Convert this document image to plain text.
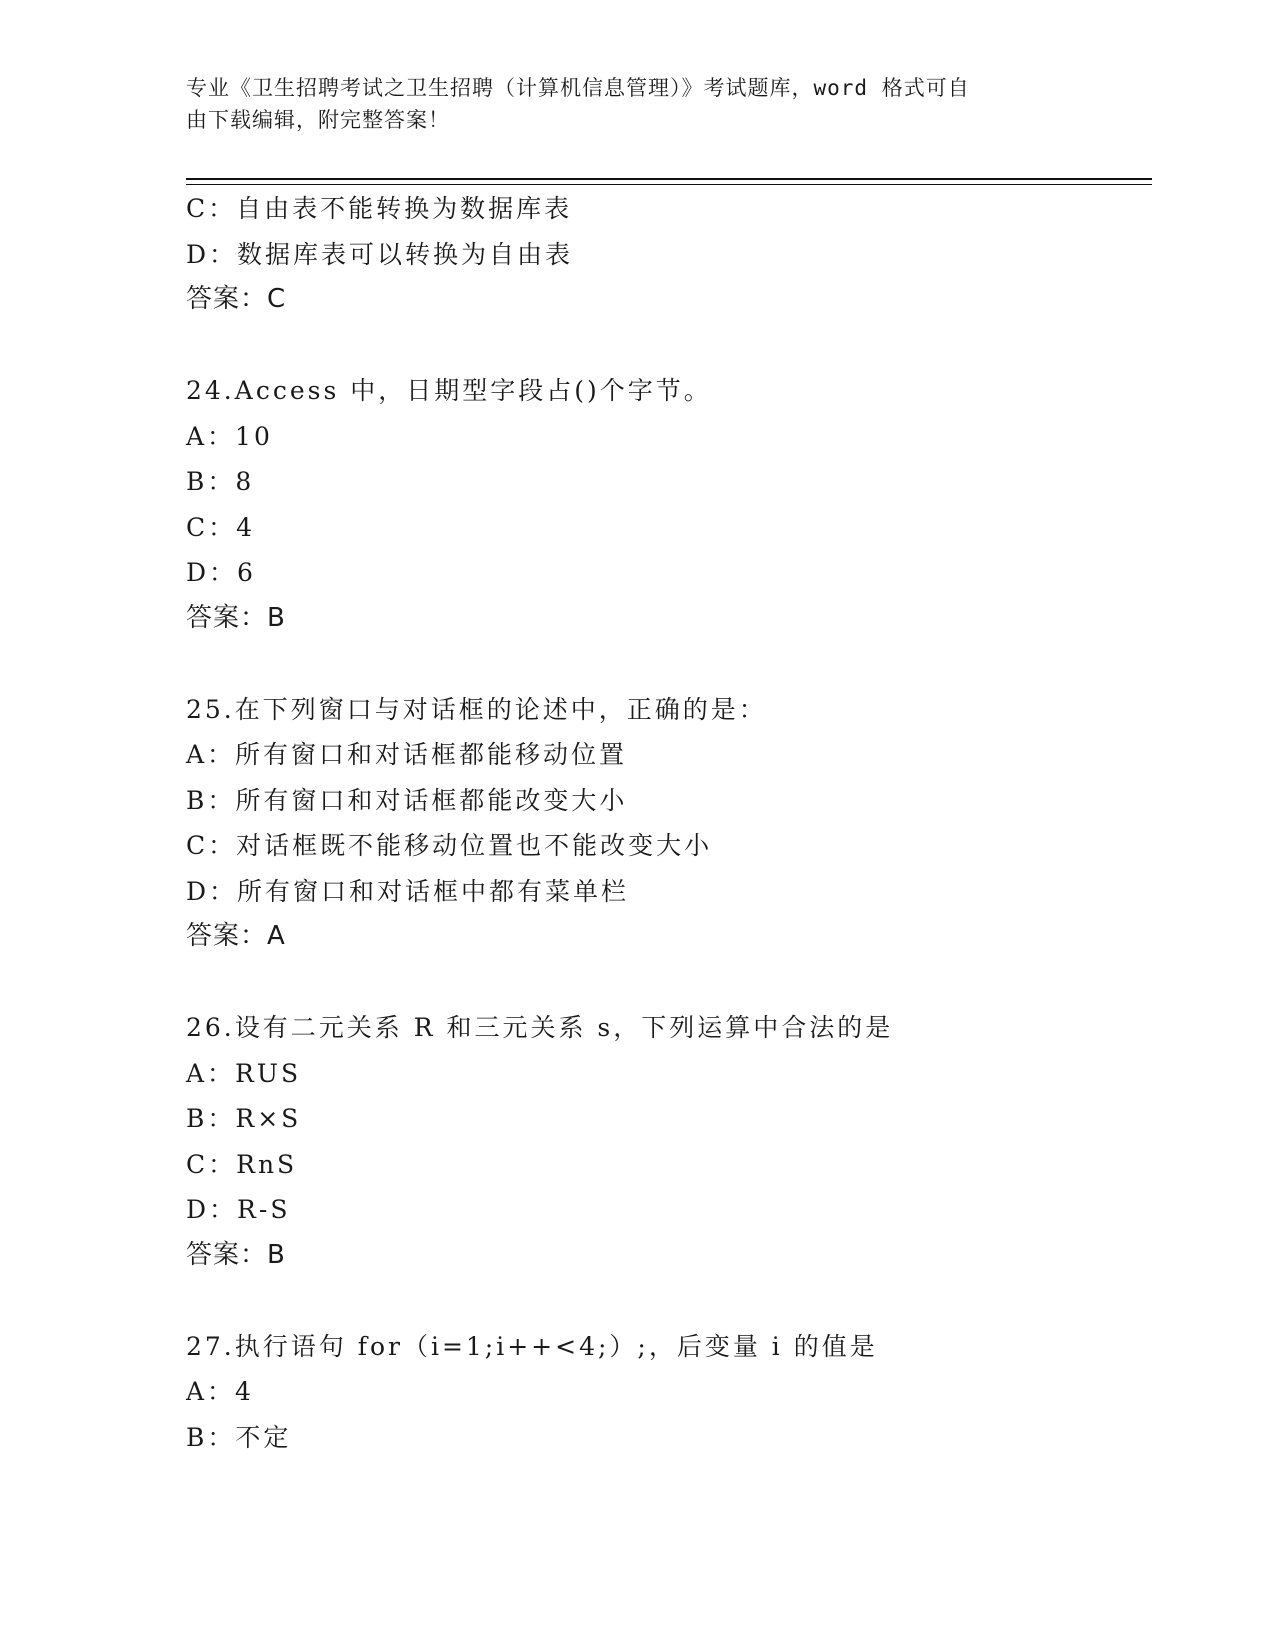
专业《卫生招聘考试之卫生招聘（计算机信息管理）》考试题库，word 格式可自
由下载编辑，附完整答案！
C：自由表不能转换为数据库表
D：数据库表可以转换为自由表
答案：C
24.Access 中，日期型字段占()个字节。
A：10
B：8
C：4
D：6
答案：B
25.在下列窗口与对话框的论述中，正确的是：
A：所有窗口和对话框都能移动位置
B：所有窗口和对话框都能改变大小
C：对话框既不能移动位置也不能改变大小
D：所有窗口和对话框中都有菜单栏
答案：A
26.设有二元关系 R 和三元关系 s，下列运算中合法的是
A：RUS
B：R×S
C：RnS
D：R-S
答案：B
27.执行语句 for（i=1;i++<4;）;，后变量 i 的值是
A：4
B：不定
